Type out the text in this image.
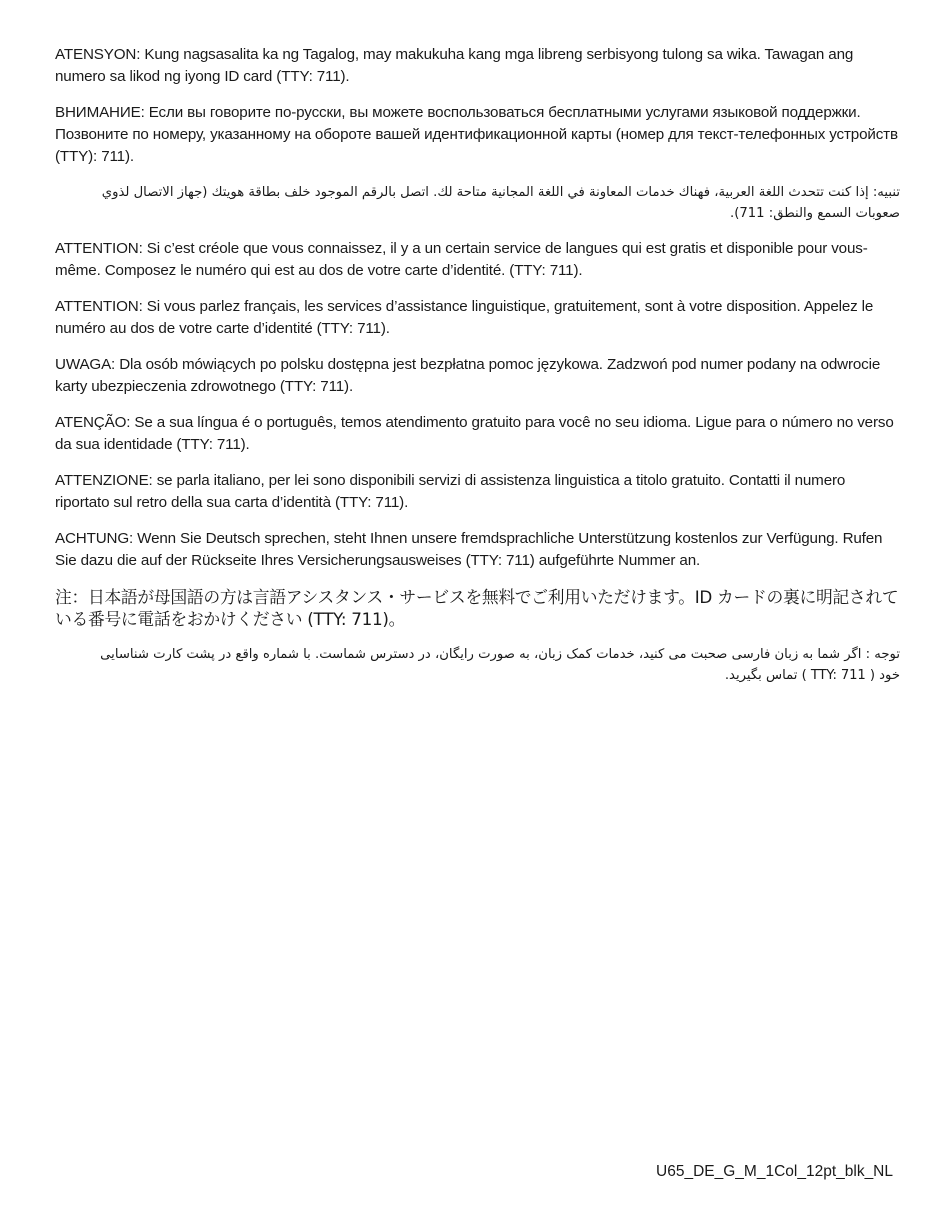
ATENSYON: Kung nagsasalita ka ng Tagalog, may makukuha kang mga libreng serbisyong tulong sa wika. Tawagan ang numero sa likod ng iyong ID card (TTY: 711).

ВНИМАНИЕ: Если вы говорите по-русски, вы можете воспользоваться бесплатными услугами языковой поддержки. Позвоните по номеру, указанному на обороте вашей идентификационной карты (номер для текст-телефонных устройств (TTY): 711).

تنبيه: إذا كنت تتحدث اللغة العربية، فهناك خدمات المعاونة في اللغة المجانية متاحة لك. اتصل بالرقم الموجود خلف بطاقة هويتك (جهاز الاتصال لذوي صعوبات السمع والنطق: 711).

ATTENTION: Si c’est créole que vous connaissez, il y a un certain service de langues qui est gratis et disponible pour vous-même. Composez le numéro qui est au dos de votre carte d’identité. (TTY: 711).

ATTENTION: Si vous parlez français, les services d’assistance linguistique, gratuitement, sont à votre disposition. Appelez le numéro au dos de votre carte d’identité (TTY: 711).

UWAGA: Dla osób mówiących po polsku dostępna jest bezpłatna pomoc językowa. Zadzwoń pod numer podany na odwrocie karty ubezpieczenia zdrowotnego (TTY: 711).

ATENÇÃO: Se a sua língua é o português, temos atendimento gratuito para você no seu idioma. Ligue para o número no verso da sua identidade (TTY: 711).

ATTENZIONE: se parla italiano, per lei sono disponibili servizi di assistenza linguistica a titolo gratuito. Contatti il numero riportato sul retro della sua carta d’identità (TTY: 711).

ACHTUNG: Wenn Sie Deutsch sprechen, steht Ihnen unsere fremdsprachliche Unterstützung kostenlos zur Verfügung. Rufen Sie dazu die auf der Rückseite Ihres Versicherungsausweises (TTY: 711) aufgeführte Nummer an.

注：日本語が母国語の方は言語アシスタンス・サービスを無料でご利用いただけます。ID カードの裏に明記されている番号に電話をおかけください (TTY: 711)。

توجه : اگر شما به زبان فارسی صحبت می کنید، خدمات کمک زبان، به صورت رایگان، در دسترس شماست. با شماره واقع در پشت کارت شناسایی خود ( TTY: 711 ) تماس بگیرید.

U65_DE_G_M_1Col_12pt_blk_NL
